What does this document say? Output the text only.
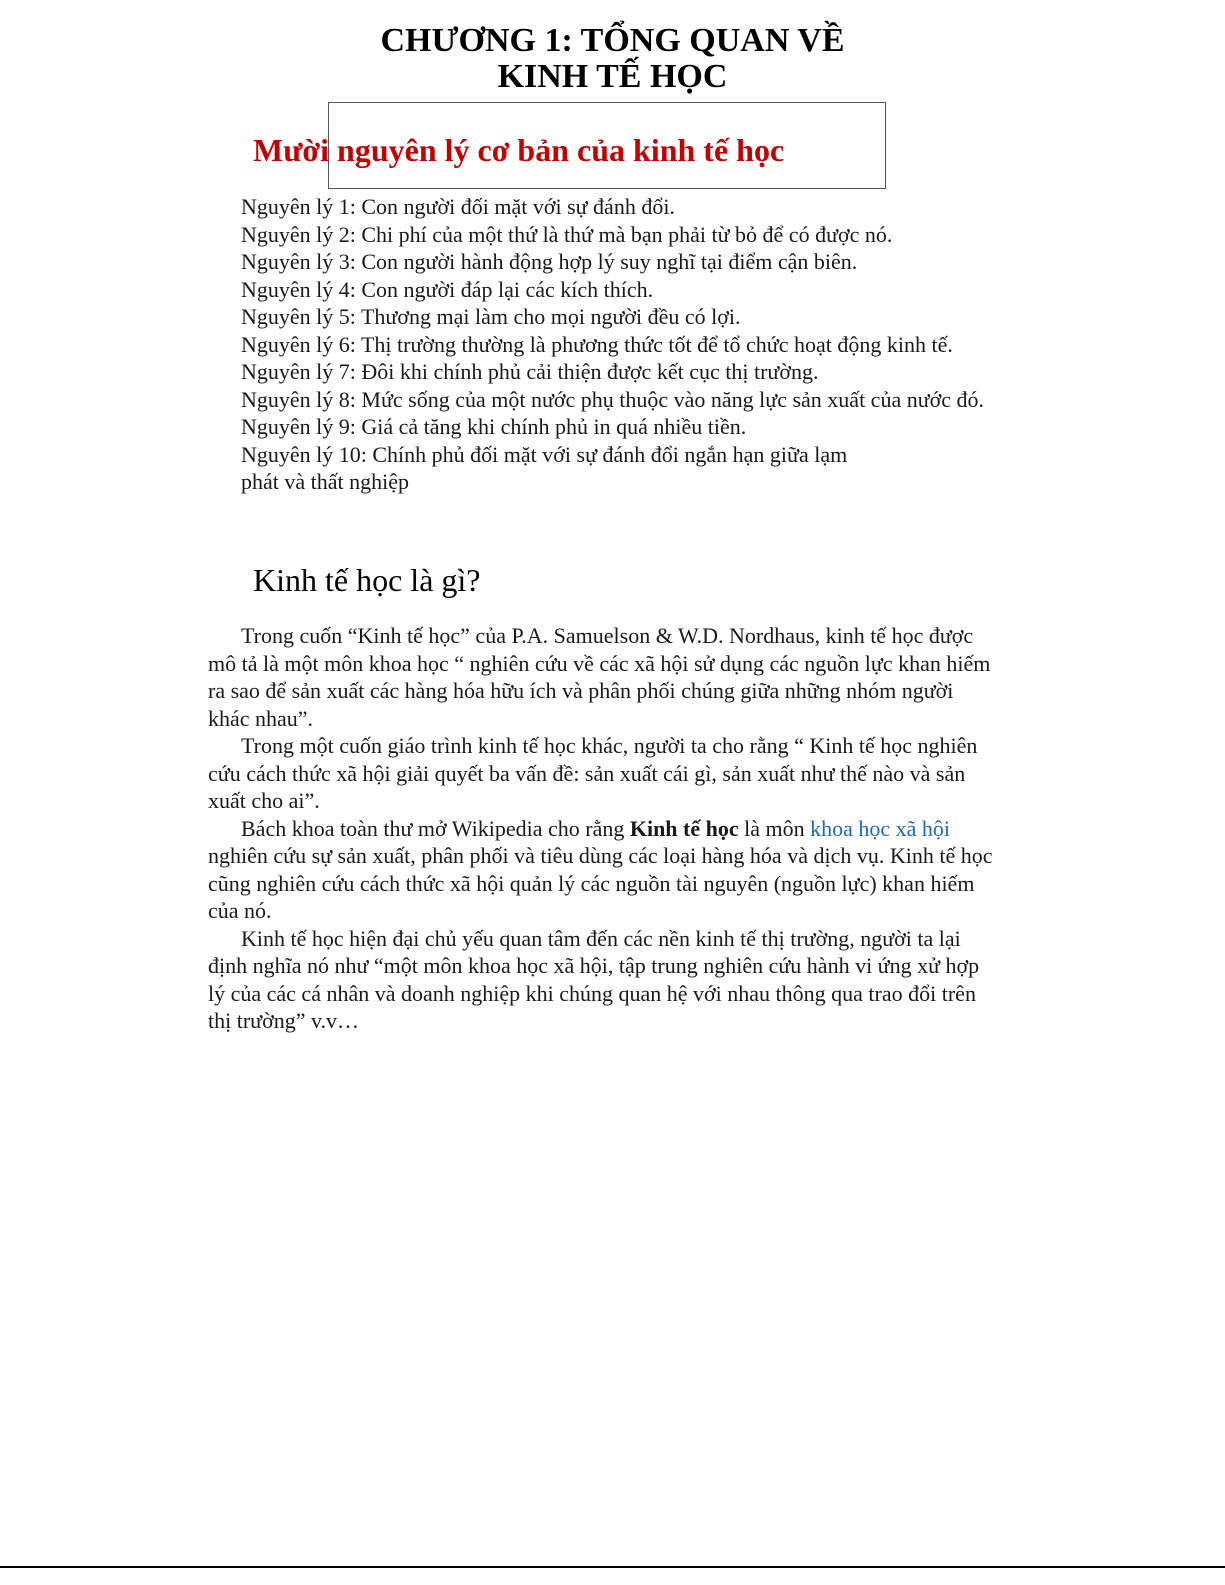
CHƯƠNG 1: TỔNG QUAN VỀ
KINH TẾ HỌC
Mười nguyên lý cơ bản của kinh tế học

Nguyên lý 1: Con người đối mặt với sự đánh đổi.

Nguyên lý 2: Chi phí của một thứ là thứ mà bạn phải từ bỏ để có được nó.

Nguyên lý 3: Con người hành động hợp lý suy nghĩ tại điểm cận biên.

Nguyên lý 4: Con người đáp lại các kích thích.

Nguyên lý 5: Thương mại làm cho mọi người đều có lợi.

Nguyên lý 6: Thị trường thường là phương thức tốt để tổ chức hoạt động kinh tế.

Nguyên lý 7: Đôi khi chính phủ cải thiện được kết cục thị trường.

Nguyên lý 8: Mức sống của một nước phụ thuộc vào năng lực sản xuất của nước đó.

Nguyên lý 9: Giá cả tăng khi chính phủ in quá nhiều tiền.

Nguyên lý 10: Chính phủ đối mặt với sự đánh đổi ngắn hạn giữa lạm phát và thất nghiệp

Kinh tế học là gì?

Trong cuốn “Kinh tế học” của P.A. Samuelson & W.D. Nordhaus, kinh tế học được mô tả là một môn khoa học “ nghiên cứu về các xã hội sử dụng các nguồn lực khan hiếm ra sao để sản xuất các hàng hóa hữu ích và phân phối chúng giữa những nhóm người khác nhau”.

Trong một cuốn giáo trình kinh tế học khác, người ta cho rằng “ Kinh tế học nghiên cứu cách thức xã hội giải quyết ba vấn đề: sản xuất cái gì, sản xuất như thế nào và sản xuất cho ai”.

Bách khoa toàn thư mở Wikipedia cho rằng Kinh tế học là môn khoa học xã hội nghiên cứu sự sản xuất, phân phối và tiêu dùng các loại hàng hóa và dịch vụ. Kinh tế học cũng nghiên cứu cách thức xã hội quản lý các nguồn tài nguyên (nguồn lực) khan hiếm của nó.

Kinh tế học hiện đại chủ yếu quan tâm đến các nền kinh tế thị trường, người ta lại định nghĩa nó như “một môn khoa học xã hội, tập trung nghiên cứu hành vi ứng xử hợp lý của các cá nhân và doanh nghiệp khi chúng quan hệ với nhau thông qua trao đổi trên thị trường” v.v…
